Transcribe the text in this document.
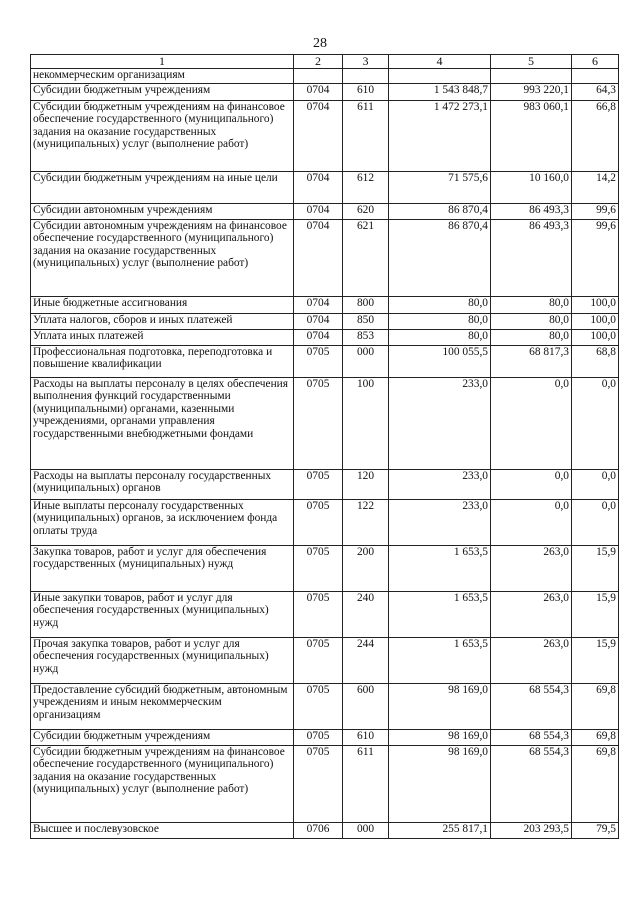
28
1	2	3	4	5	6
некоммерческим организациям					
Субсидии бюджетным учреждениям	0704	610	1 543 848,7	993 220,1	64,3
Субсидии бюджетным учреждениям на финансовое обеспечение государственного (муниципального) задания на оказание государственных (муниципальных) услуг (выполнение работ)	0704	611	1 472 273,1	983 060,1	66,8
Субсидии бюджетным учреждениям на иные цели	0704	612	71 575,6	10 160,0	14,2
Субсидии автономным учреждениям	0704	620	86 870,4	86 493,3	99,6
Субсидии автономным учреждениям на финансовое обеспечение государственного (муниципального) задания на оказание государственных (муниципальных) услуг (выполнение работ)	0704	621	86 870,4	86 493,3	99,6
Иные бюджетные ассигнования	0704	800	80,0	80,0	100,0
Уплата налогов, сборов и иных платежей	0704	850	80,0	80,0	100,0
Уплата иных платежей	0704	853	80,0	80,0	100,0
Профессиональная подготовка, переподготовка и повышение квалификации	0705	000	100 055,5	68 817,3	68,8
Расходы на выплаты персоналу в целях обеспечения выполнения функций государственными (муниципальными) органами, казенными учреждениями, органами управления государственными внебюджетными фондами	0705	100	233,0	0,0	0,0
Расходы на выплаты персоналу государственных (муниципальных) органов	0705	120	233,0	0,0	0,0
Иные выплаты персоналу государственных (муниципальных) органов, за исключением фонда оплаты труда	0705	122	233,0	0,0	0,0
Закупка товаров, работ и услуг для обеспечения государственных (муниципальных) нужд	0705	200	1 653,5	263,0	15,9
Иные закупки товаров, работ и услуг для обеспечения государственных (муниципальных) нужд	0705	240	1 653,5	263,0	15,9
Прочая закупка товаров, работ и услуг для обеспечения государственных (муниципальных) нужд	0705	244	1 653,5	263,0	15,9
Предоставление субсидий бюджетным, автономным учреждениям и иным некоммерческим организациям	0705	600	98 169,0	68 554,3	69,8
Субсидии бюджетным учреждениям	0705	610	98 169,0	68 554,3	69,8
Субсидии бюджетным учреждениям на финансовое обеспечение государственного (муниципального) задания на оказание государственных (муниципальных) услуг (выполнение работ)	0705	611	98 169,0	68 554,3	69,8
Высшее и послевузовское	0706	000	255 817,1	203 293,5	79,5
